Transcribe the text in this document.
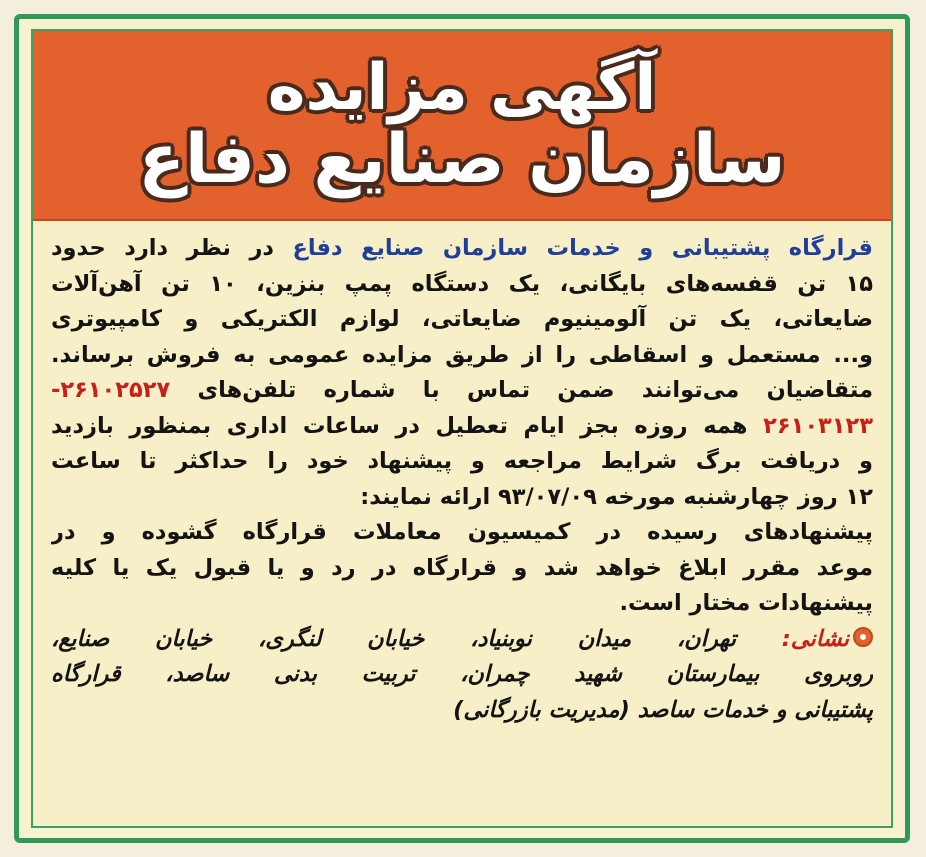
آگهی مزایده
سازمان صنایع دفاع
قرارگاه پشتیبانی و خدمات سازمان صنایع دفاع در نظر دارد حدود
۱۵ تن قفسه‌های بایگانی، یک دستگاه پمپ بنزین، ۱۰ تن آهن‌آلات
ضایعاتی، یک تن آلومینیوم ضایعاتی، لوازم الکتریکی و کامپیوتری
و... مستعمل و اسقاطی را از طریق مزایده عمومی به فروش برساند.
متقاضیان می‌توانند ضمن تماس با شماره تلفن‌های ۲۶۱۰۲۵۲۷-
۲۶۱۰۳۱۲۳ همه روزه بجز ایام تعطیل در ساعات اداری بمنظور بازدید
و دریافت برگ شرایط مراجعه و پیشنهاد خود را حداکثر تا ساعت
۱۲ روز چهارشنبه مورخه ۹۳/۰۷/۰۹ ارائه نمایند:
پیشنهادهای رسیده در کمیسیون معاملات قرارگاه گشوده و در
موعد مقرر ابلاغ خواهد شد و قرارگاه در رد و یا قبول یک یا کلیه
پیشنهادات مختار است.
نشانی: تهران، میدان نوبنیاد، خیابان لنگری، خیابان صنایع،
روبروی بیمارستان شهید چمران، تربیت بدنی ساصد، قرارگاه
پشتیبانی و خدمات ساصد (مدیریت بازرگانی)
